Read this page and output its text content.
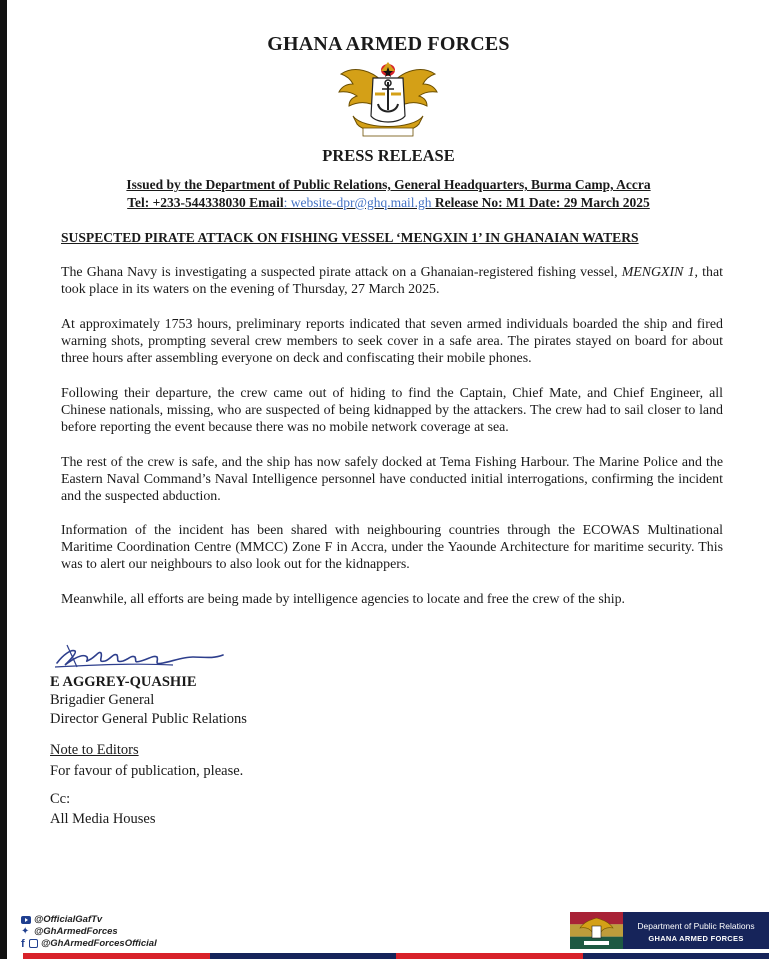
GHANA ARMED FORCES
PRESS RELEASE
Issued by the Department of Public Relations, General Headquarters, Burma Camp, Accra
Tel: +233-544338030 Email: website-dpr@ghq.mail.gh Release No: M1 Date: 29 March 2025
SUSPECTED PIRATE ATTACK ON FISHING VESSEL ‘MENGXIN 1’ IN GHANAIAN WATERS
The Ghana Navy is investigating a suspected pirate attack on a Ghanaian-registered fishing vessel, MENGXIN 1, that took place in its waters on the evening of Thursday, 27 March 2025.
At approximately 1753 hours, preliminary reports indicated that seven armed individuals boarded the ship and fired warning shots, prompting several crew members to seek cover in a safe area. The pirates stayed on board for about three hours after assembling everyone on deck and confiscating their mobile phones.
Following their departure, the crew came out of hiding to find the Captain, Chief Mate, and Chief Engineer, all Chinese nationals, missing, who are suspected of being kidnapped by the attackers. The crew had to sail closer to land before reporting the event because there was no mobile network coverage at sea.
The rest of the crew is safe, and the ship has now safely docked at Tema Fishing Harbour. The Marine Police and the Eastern Naval Command’s Naval Intelligence personnel have conducted initial interrogations, confirming the incident and the suspected abduction.
Information of the incident has been shared with neighbouring countries through the ECOWAS Multinational Maritime Coordination Centre (MMCC) Zone F in Accra, under the Yaounde Architecture for maritime security. This was to alert our neighbours to also look out for the kidnappers.
Meanwhile, all efforts are being made by intelligence agencies to locate and free the crew of the ship.
E AGGREY-QUASHIE
Brigadier General
Director General Public Relations
Note to Editors
For favour of publication, please.
Cc:
All Media Houses
@OfficialGafTv
✦ @GhArmedForces
f @GhArmedForcesOfficial
Department of Public Relations
GHANA ARMED FORCES
